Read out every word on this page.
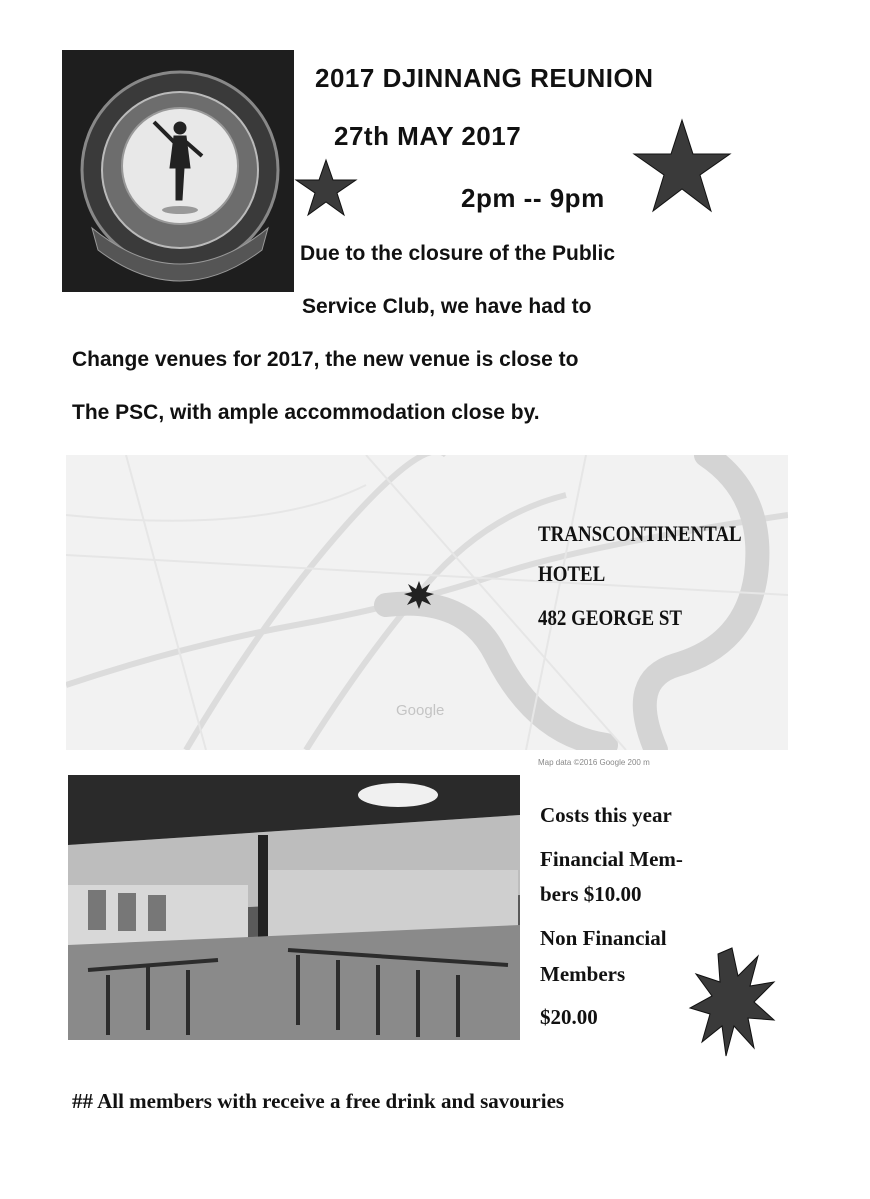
2017 DJINNANG REUNION
27th MAY 2017
2pm -- 9pm
Due to the closure of the Public
Service Club, we have had to
Change venues for 2017, the new venue is close to
The PSC, with ample accommodation close by.
Google
Map data ©2016 Google 200 m
TRANSCONTINENTAL
HOTEL
482 GEORGE ST
Costs this year
Financial Mem-
bers $10.00
Non Financial
Members
$20.00
## All members with receive a free drink and savouries
